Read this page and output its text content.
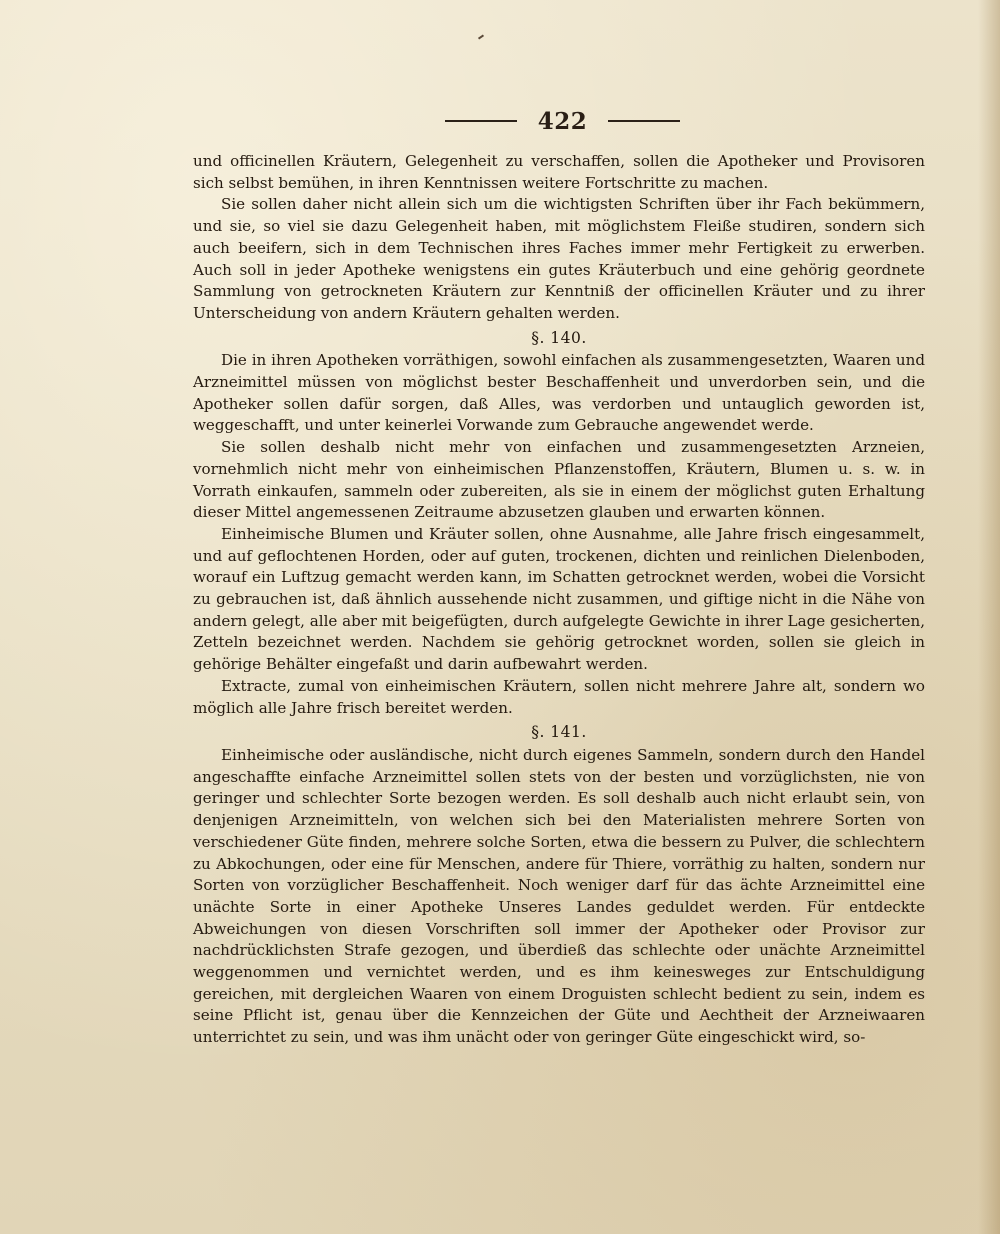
422

und officinellen Kräutern, Gelegenheit zu verschaffen, sollen die Apotheker und Provisoren sich selbst bemühen, in ihren Kenntnissen weitere Fortschritte zu machen.

Sie sollen daher nicht allein sich um die wichtigsten Schriften über ihr Fach bekümmern, und sie, so viel sie dazu Gelegenheit haben, mit möglichstem Fleiße studiren, sondern sich auch beeifern, sich in dem Technischen ihres Faches immer mehr Fertigkeit zu erwerben. Auch soll in jeder Apotheke wenigstens ein gutes Kräuterbuch und eine gehörig geordnete Sammlung von getrockneten Kräutern zur Kenntniß der officinellen Kräuter und zu ihrer Unterscheidung von andern Kräutern gehalten werden.

§. 140.

Die in ihren Apotheken vorräthigen, sowohl einfachen als zusammengesetzten, Waaren und Arzneimittel müssen von möglichst bester Beschaffenheit und unverdorben sein, und die Apotheker sollen dafür sorgen, daß Alles, was verdorben und untauglich geworden ist, weggeschafft, und unter keinerlei Vorwande zum Gebrauche angewendet werde.

Sie sollen deshalb nicht mehr von einfachen und zusammengesetzten Arzneien, vornehmlich nicht mehr von einheimischen Pflanzenstoffen, Kräutern, Blumen u. s. w. in Vorrath einkaufen, sammeln oder zubereiten, als sie in einem der möglichst guten Erhaltung dieser Mittel angemessenen Zeitraume abzusetzen glauben und erwarten können.

Einheimische Blumen und Kräuter sollen, ohne Ausnahme, alle Jahre frisch eingesammelt, und auf geflochtenen Horden, oder auf guten, trockenen, dichten und reinlichen Dielenboden, worauf ein Luftzug gemacht werden kann, im Schatten getrocknet werden, wobei die Vorsicht zu gebrauchen ist, daß ähnlich aussehende nicht zusammen, und giftige nicht in die Nähe von andern gelegt, alle aber mit beigefügten, durch aufgelegte Gewichte in ihrer Lage gesicherten, Zetteln bezeichnet werden. Nachdem sie gehörig getrocknet worden, sollen sie gleich in gehörige Behälter eingefaßt und darin aufbewahrt werden.

Extracte, zumal von einheimischen Kräutern, sollen nicht mehrere Jahre alt, sondern wo möglich alle Jahre frisch bereitet werden.

§. 141.

Einheimische oder ausländische, nicht durch eigenes Sammeln, sondern durch den Handel angeschaffte einfache Arzneimittel sollen stets von der besten und vorzüglichsten, nie von geringer und schlechter Sorte bezogen werden. Es soll deshalb auch nicht erlaubt sein, von denjenigen Arzneimitteln, von welchen sich bei den Materialisten mehrere Sorten von verschiedener Güte finden, mehrere solche Sorten, etwa die bessern zu Pulver, die schlechtern zu Abkochungen, oder eine für Menschen, andere für Thiere, vorräthig zu halten, sondern nur Sorten von vorzüglicher Beschaffenheit. Noch weniger darf für das ächte Arzneimittel eine unächte Sorte in einer Apotheke Unseres Landes geduldet werden. Für entdeckte Abweichungen von diesen Vorschriften soll immer der Apotheker oder Provisor zur nachdrücklichsten Strafe gezogen, und überdieß das schlechte oder unächte Arzneimittel weggenommen und vernichtet werden, und es ihm keinesweges zur Entschuldigung gereichen, mit dergleichen Waaren von einem Droguisten schlecht bedient zu sein, indem es seine Pflicht ist, genau über die Kennzeichen der Güte und Aechtheit der Arzneiwaaren unterrichtet zu sein, und was ihm unächt oder von geringer Güte eingeschickt wird, so-
